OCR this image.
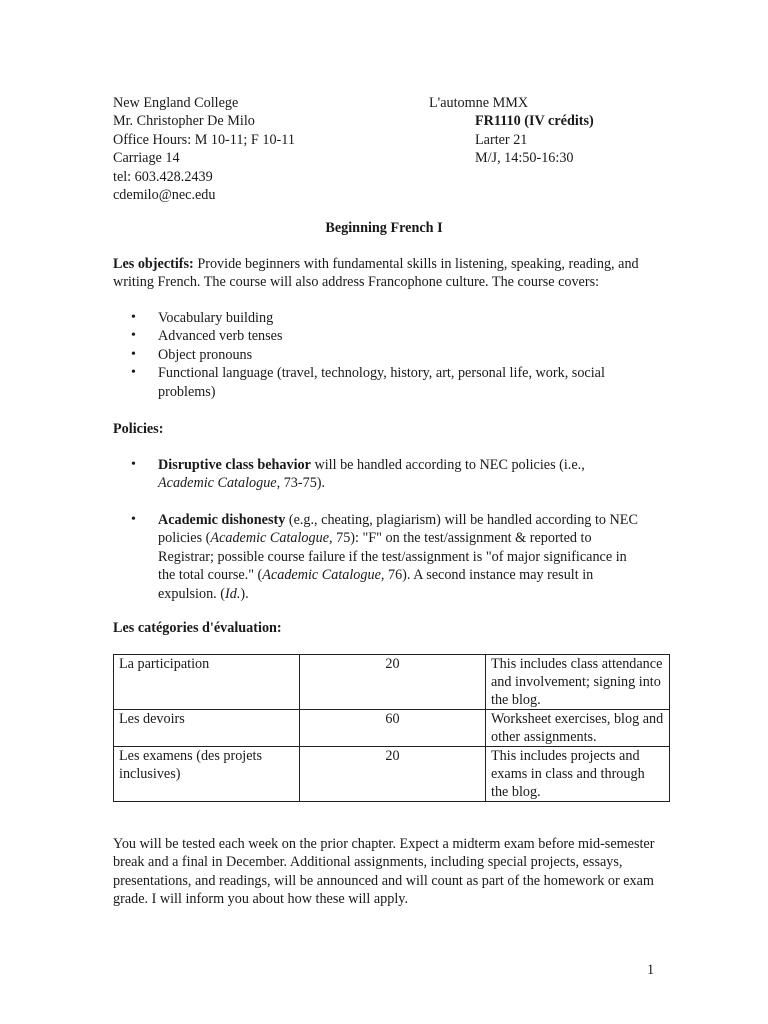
New England College
Mr. Christopher De Milo
Office Hours: M 10-11; F 10-11
Carriage 14
tel: 603.428.2439
cdemilo@nec.edu
L'automne MMX
FR1110 (IV crédits)
Larter 21
M/J, 14:50-16:30
Beginning French I
Les objectifs: Provide beginners with fundamental skills in listening, speaking, reading, and writing French. The course will also address Francophone culture. The course covers:
• Vocabulary building
• Advanced verb tenses
• Object pronouns
• Functional language (travel, technology, history, art, personal life, work, social problems)
Policies:
• Disruptive class behavior will be handled according to NEC policies (i.e., Academic Catalogue, 73-75).
• Academic dishonesty (e.g., cheating, plagiarism) will be handled according to NEC policies (Academic Catalogue, 75): "F" on the test/assignment & reported to Registrar; possible course failure if the test/assignment is "of major significance in the total course." (Academic Catalogue, 76). A second instance may result in expulsion. (Id.).
Les catégories d'évaluation:
La participation	20	This includes class attendance and involvement; signing into the blog.
Les devoirs	60	Worksheet exercises, blog and other assignments.
Les examens (des projets inclusives)	20	This includes projects and exams in class and through the blog.
You will be tested each week on the prior chapter. Expect a midterm exam before mid-semester break and a final in December. Additional assignments, including special projects, essays, presentations, and readings, will be announced and will count as part of the homework or exam grade. I will inform you about how these will apply.
1
